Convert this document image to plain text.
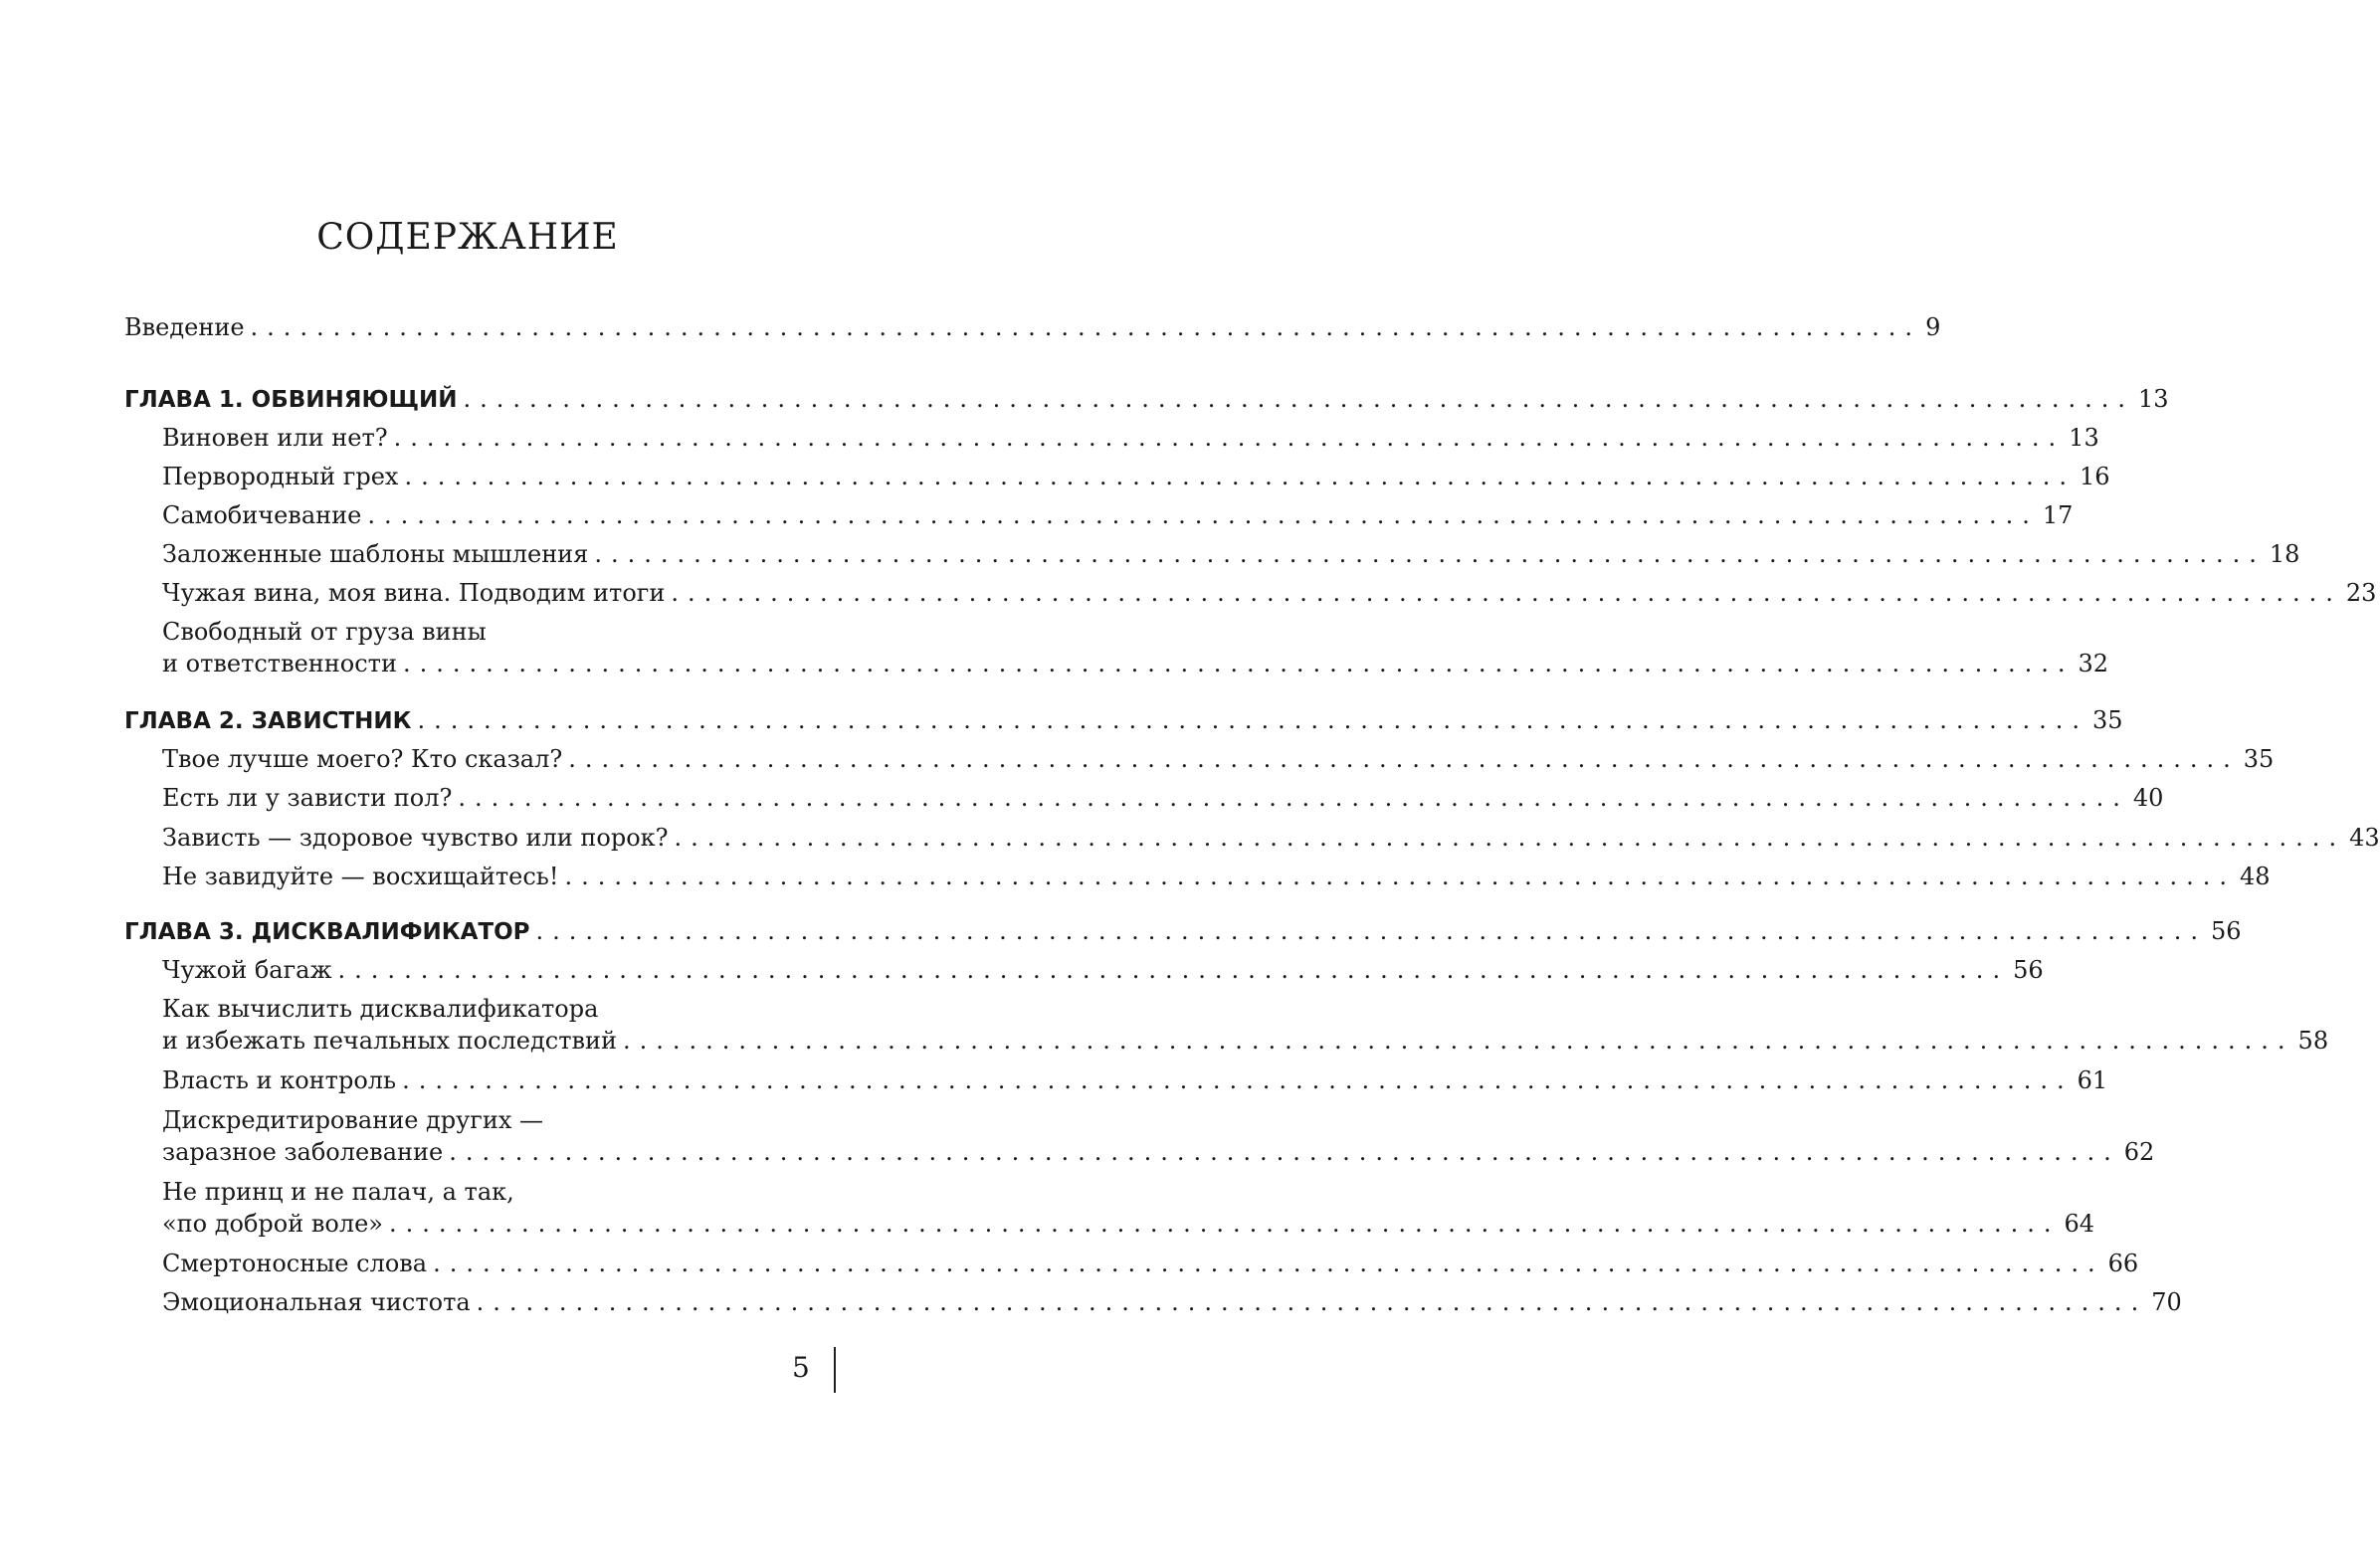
СОДЕРЖАНИЕ
Введение ..................................................................................................... 9
ГЛАВА 1. ОБВИНЯЮЩИЙ ..................................................................................................... 13
Виновен или нет? ..................................................................................................... 13
Первородный грех ..................................................................................................... 16
Самобичевание ..................................................................................................... 17
Заложенные шаблоны мышления ..................................................................................................... 18
Чужая вина, моя вина. Подводим итоги ..................................................................................................... 23
Свободный от груза вины
и ответственности ..................................................................................................... 32
ГЛАВА 2. ЗАВИСТНИК ..................................................................................................... 35
Твое лучше моего? Кто сказал? ..................................................................................................... 35
Есть ли у зависти пол? ..................................................................................................... 40
Зависть — здоровое чувство или порок? ..................................................................................................... 43
Не завидуйте — восхищайтесь! ..................................................................................................... 48
ГЛАВА 3. ДИСКВАЛИФИКАТОР ..................................................................................................... 56
Чужой багаж ..................................................................................................... 56
Как вычислить дисквалификатора
и избежать печальных последствий ..................................................................................................... 58
Власть и контроль ..................................................................................................... 61
Дискредитирование других —
заразное заболевание ..................................................................................................... 62
Не принц и не палач, а так,
«по доброй воле» ..................................................................................................... 64
Смертоносные слова ..................................................................................................... 66
Эмоциональная чистота ..................................................................................................... 70
5
